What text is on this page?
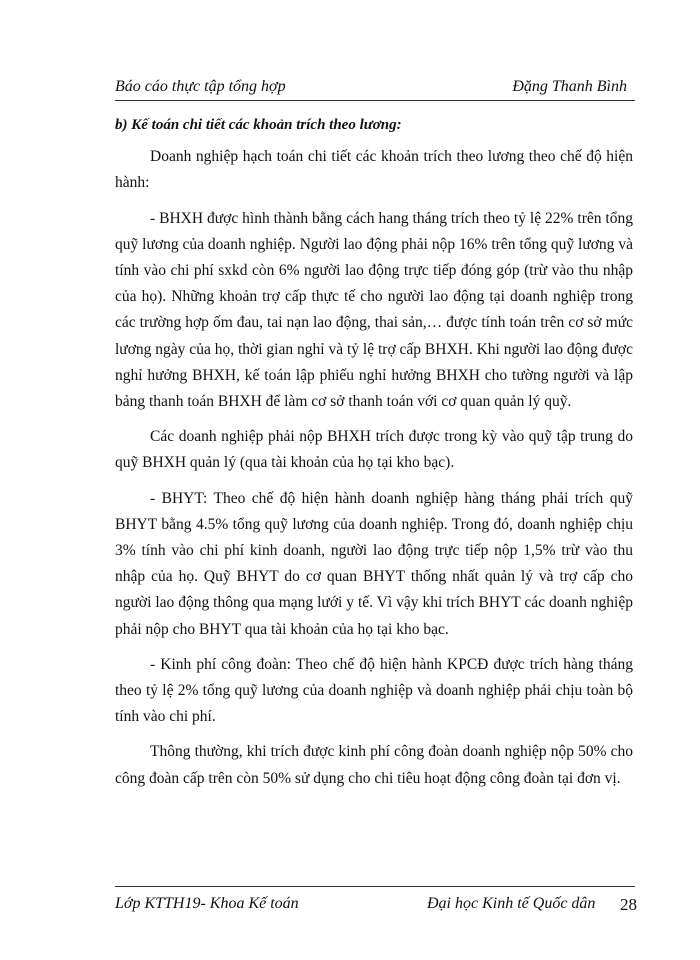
Báo cáo thực tập tổng hợp	Đặng Thanh Bình

b) Kế toán chi tiết các khoản trích theo lương:

Doanh nghiệp hạch toán chi tiết các khoản trích theo lương theo chế độ hiện hành:

- BHXH được hình thành bằng cách hang tháng trích theo tỷ lệ 22% trên tổng quỹ lương của doanh nghiệp. Người lao động phải nộp 16% trên tổng quỹ lương và tính vào chi phí sxkd còn 6% người lao động trực tiếp đóng góp (trừ vào thu nhập của họ). Những khoản trợ cấp thực tế cho người lao động tại doanh nghiệp trong các trường hợp ốm đau, tai nạn lao động, thai sản,… được tính toán trên cơ sở mức lương ngày của họ, thời gian nghỉ và tỷ lệ trợ cấp BHXH. Khi người lao động được nghỉ hưởng BHXH, kế toán lập phiếu nghỉ hưởng BHXH cho tường người và lập bảng thanh toán BHXH để làm cơ sở thanh toán với cơ quan quản lý quỹ.

Các doanh nghiệp phải nộp BHXH trích được trong kỳ vào quỹ tập trung do quỹ BHXH quản lý (qua tài khoản của họ tại kho bạc).

- BHYT: Theo chế độ hiện hành doanh nghiệp hàng tháng phải trích quỹ BHYT bằng 4.5% tổng quỹ lương của doanh nghiệp. Trong đó, doanh nghiệp chịu 3% tính vào chi phí kinh doanh, người lao động trực tiếp nộp 1,5% trừ vào thu nhập của họ. Quỹ BHYT do cơ quan BHYT thống nhất quản lý và trợ cấp cho người lao động thông qua mạng lưới y tế. Vì vậy khi trích BHYT các doanh nghiệp phải nộp cho BHYT qua tài khoản của họ tại kho bạc.

- Kinh phí công đoàn: Theo chế độ hiện hành KPCĐ được trích hàng tháng theo tỷ lệ 2% tổng quỹ lương của doanh nghiệp và doanh nghiệp phải chịu toàn bộ tính vào chi phí.

Thông thường, khi trích được kinh phí công đoàn doanh nghiệp nộp 50% cho công đoàn cấp trên còn 50% sử dụng cho chi tiêu hoạt động công đoàn tại đơn vị.

Lớp KTTH19- Khoa Kế toán	Đại học Kinh tế Quốc dân 28
